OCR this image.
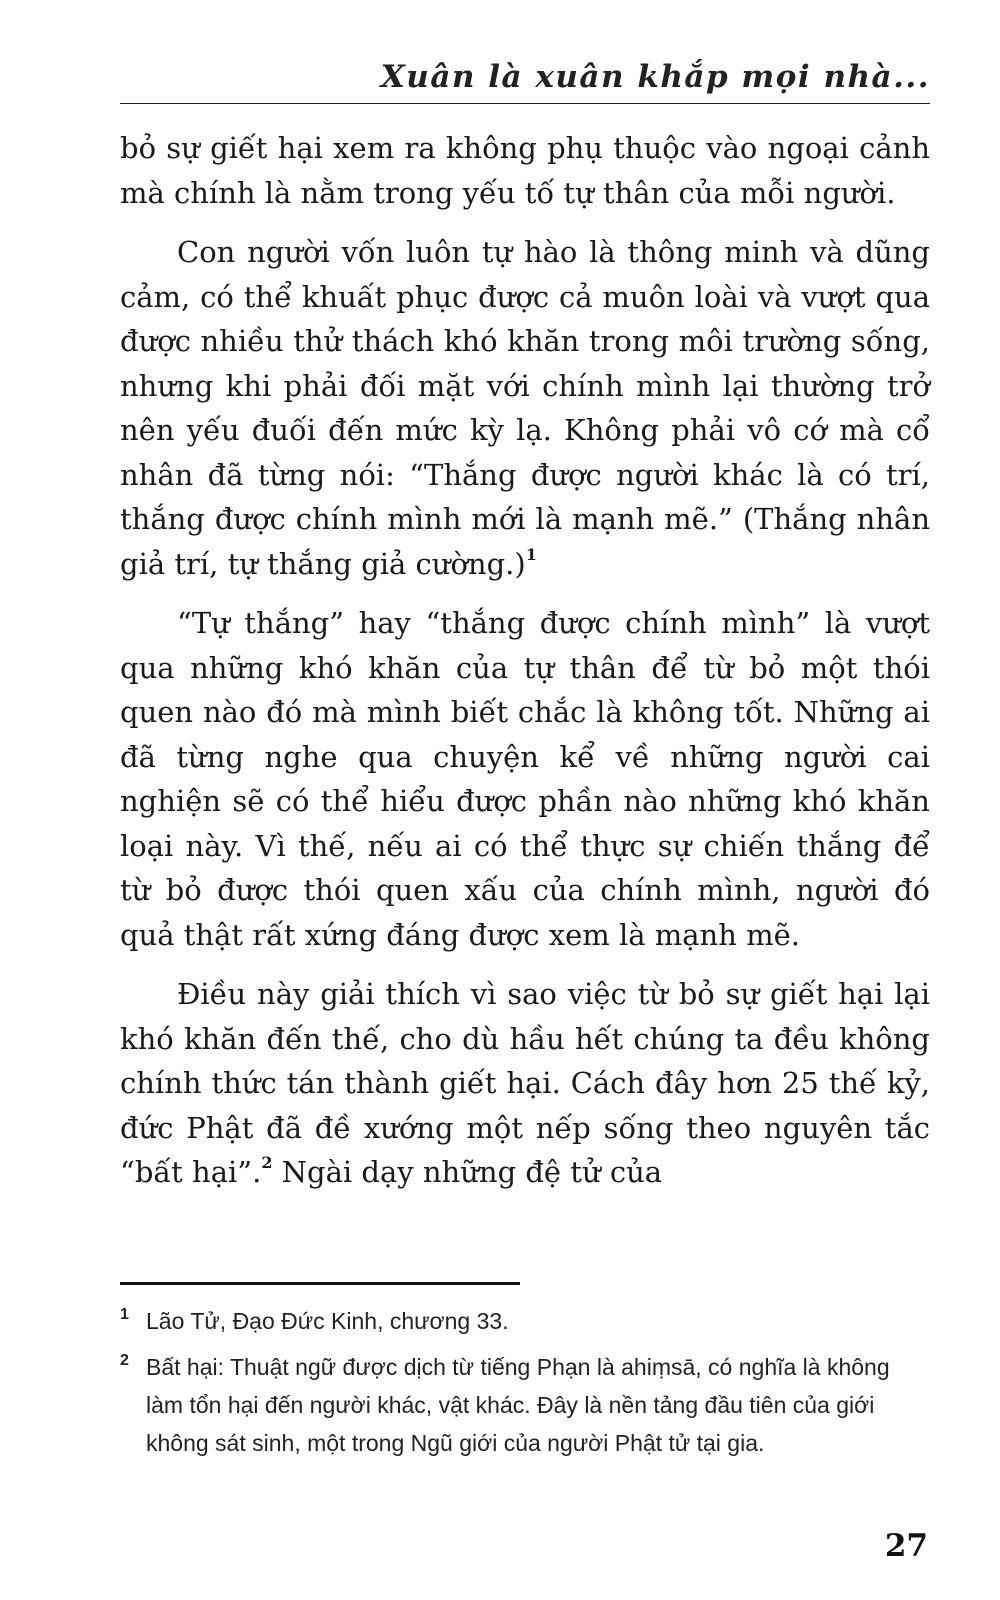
Xuân là xuân khắp mọi nhà...

bỏ sự giết hại xem ra không phụ thuộc vào ngoại cảnh mà chính là nằm trong yếu tố tự thân của mỗi người.

Con người vốn luôn tự hào là thông minh và dũng cảm, có thể khuất phục được cả muôn loài và vượt qua được nhiều thử thách khó khăn trong môi trường sống, nhưng khi phải đối mặt với chính mình lại thường trở nên yếu đuối đến mức kỳ lạ. Không phải vô cớ mà cổ nhân đã từng nói: “Thắng được người khác là có trí, thắng được chính mình mới là mạnh mẽ.” (Thắng nhân giả trí, tự thắng giả cường.)$^1$

“Tự thắng” hay “thắng được chính mình” là vượt qua những khó khăn của tự thân để từ bỏ một thói quen nào đó mà mình biết chắc là không tốt. Những ai đã từng nghe qua chuyện kể về những người cai nghiện sẽ có thể hiểu được phần nào những khó khăn loại này. Vì thế, nếu ai có thể thực sự chiến thắng để từ bỏ được thói quen xấu của chính mình, người đó quả thật rất xứng đáng được xem là mạnh mẽ.

Điều này giải thích vì sao việc từ bỏ sự giết hại lại khó khăn đến thế, cho dù hầu hết chúng ta đều không chính thức tán thành giết hại. Cách đây hơn 25 thế kỷ, đức Phật đã đề xướng một nếp sống theo nguyên tắc “bất hại”.$^2$ Ngài dạy những đệ tử của

1 Lão Tử, Đạo Đức Kinh, chương 33.
2 Bất hại: Thuật ngữ được dịch từ tiếng Phạn là ahiṃsā, có nghĩa là không làm tổn hại đến người khác, vật khác. Đây là nền tảng đầu tiên của giới không sát sinh, một trong Ngũ giới của người Phật tử tại gia.
27
